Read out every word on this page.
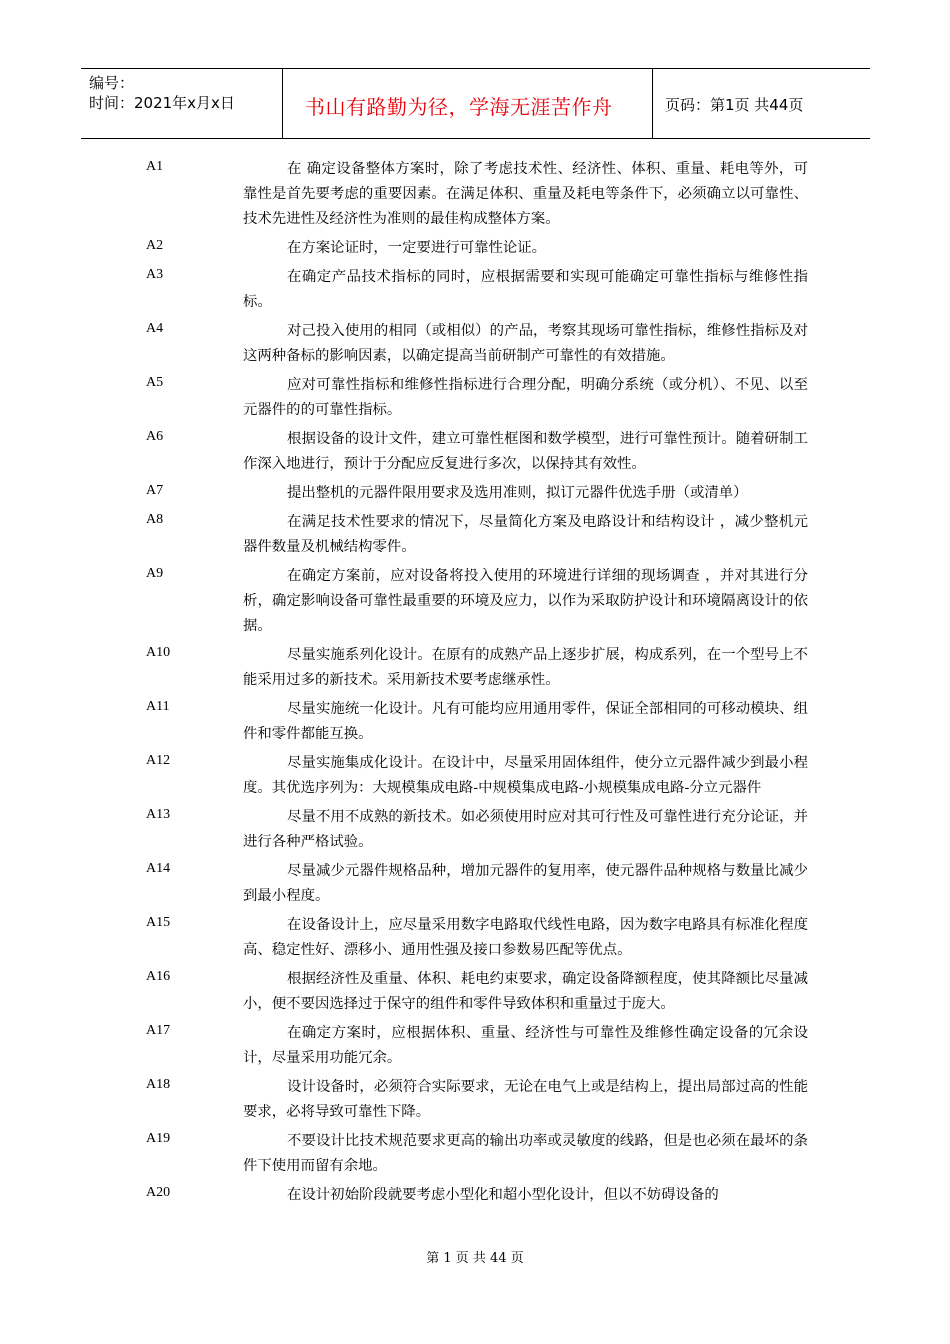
编号：
时间：2021年x月x日	书山有路勤为径，学海无涯苦作舟	页码：第1页 共44页
A1	在 确定设备整体方案时，除了考虑技术性、经济性、体积、重量、耗电等外，可靠性是首先要考虑的重要因素。在满足体积、重量及耗电等条件下，必须确立以可靠性、技术先进性及经济性为准则的最佳构成整体方案。
A2	在方案论证时，一定要进行可靠性论证。
A3	在确定产品技术指标的同时，应根据需要和实现可能确定可靠性指标与维修性指标。
A4	对己投入使用的相同（或相似）的产品，考察其现场可靠性指标，维修性指标及对这两种备标的影响因素，以确定提高当前研制产可靠性的有效措施。
A5	应对可靠性指标和维修性指标进行合理分配，明确分系统（或分机）、不见、以至元器件的的可靠性指标。
A6	根据设备的设计文件，建立可靠性框图和数学模型，进行可靠性预计。随着研制工作深入地进行，预计于分配应反复进行多次，以保持其有效性。
A7	提出整机的元器件限用要求及选用准则，拟订元器件优选手册（或清单）
A8	在满足技术性要求的情况下，尽量简化方案及电路设计和结构设计 ，减少整机元器件数量及机械结构零件。
A9	在确定方案前，应对设备将投入使用的环境进行详细的现场调查 ，并对其进行分析，确定影响设备可靠性最重要的环境及应力，以作为采取防护设计和环境隔离设计的依据。
A10	尽量实施系列化设计。在原有的成熟产品上逐步扩展，构成系列，在一个型号上不能采用过多的新技术。采用新技术要考虑继承性。
A11	尽量实施统一化设计。凡有可能均应用通用零件，保证全部相同的可移动模块、组件和零件都能互换。
A12	尽量实施集成化设计。在设计中，尽量采用固体组件，使分立元器件减少到最小程度。其优选序列为：大规模集成电路-中规模集成电路-小规模集成电路-分立元器件
A13	尽量不用不成熟的新技术。如必须使用时应对其可行性及可靠性进行充分论证，并进行各种严格试验。
A14	尽量减少元器件规格品种，增加元器件的复用率，使元器件品种规格与数量比减少到最小程度。
A15	在设备设计上，应尽量采用数字电路取代线性电路，因为数字电路具有标准化程度高、稳定性好、漂移小、通用性强及接口参数易匹配等优点。
A16	根据经济性及重量、体积、耗电约束要求，确定设备降额程度，使其降额比尽量减小，便不要因选择过于保守的组件和零件导致体积和重量过于庞大。
A17	在确定方案时，应根据体积、重量、经济性与可靠性及维修性确定设备的冗余设计，尽量采用功能冗余。
A18	设计设备时，必须符合实际要求，无论在电气上或是结构上，提出局部过高的性能要求，必将导致可靠性下降。
A19	不要设计比技术规范要求更高的输出功率或灵敏度的线路，但是也必须在最坏的条件下使用而留有余地。
A20	在设计初始阶段就要考虑小型化和超小型化设计，但以不妨碍设备的
第 1 页 共 44 页
